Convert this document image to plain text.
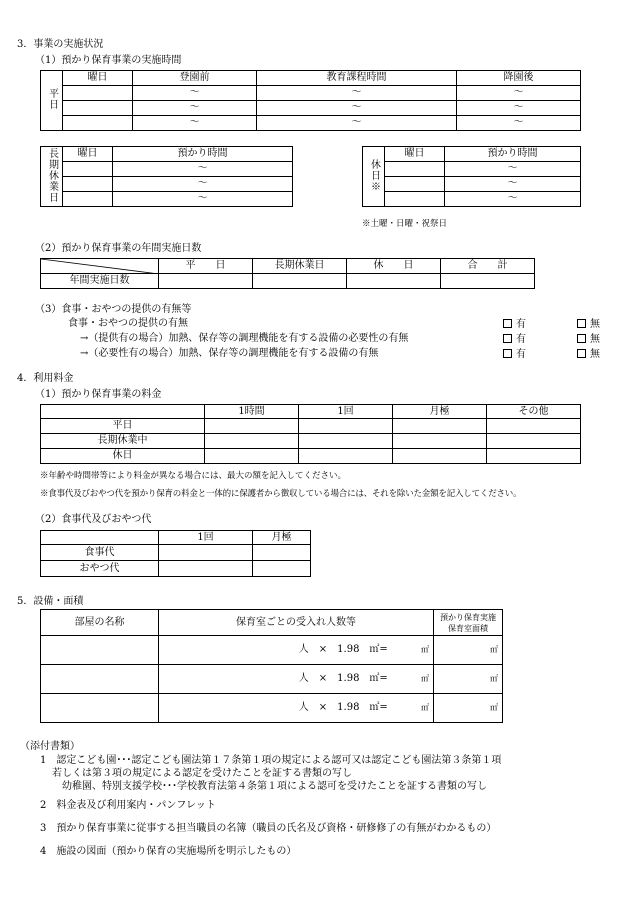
3．事業の実施状況
（1）預かり保育事業の実施時間
平日	曜日	登園前	教育課程時間	降園後
		～	～	～
		～	～	～
		～	～	～
長期休業日	曜日	預かり時間
		～
		～
		～
休日※	曜日	預かり時間
		～
		～
		～
※土曜・日曜・祝祭日
（2）預かり保育事業の年間実施日数
	平　　日	長期休業日	休　　日	合　　計
年間実施日数				
（3）食事・おやつの提供の有無等
食事・おやつの提供の有無
→（提供有の場合）加熱、保存等の調理機能を有する設備の必要性の有無
→（必要性有の場合）加熱、保存等の調理機能を有する設備の有無
有	無
有	無
有	無
4．利用料金
（1）預かり保育事業の料金
	1時間	1回	月極	その他
平日				
長期休業中				
休日				
※年齢や時間帯等により料金が異なる場合には、最大の額を記入してください。
※食事代及びおやつ代を預かり保育の料金と一体的に保護者から徴収している場合には、それを除いた金額を記入してください。
（2）食事代及びおやつ代
	1回	月極
食事代		
おやつ代		
5．設備・面積
部屋の名称	保育室ごとの受入れ人数等	預かり保育実施
保育室面積

	人　×　1.98　㎡= ㎡	㎡
	人　×　1.98　㎡= ㎡	㎡
	人　×　1.98　㎡= ㎡	㎡
（添付書類）
1　認定こども園･･･認定こども園法第１７条第１項の規定による認可又は認定こども園法第３条第１項
若しくは第３項の規定による認定を受けたことを証する書類の写し
幼稚園、特別支援学校･･･学校教育法第４条第１項による認可を受けたことを証する書類の写し
2　料金表及び利用案内・パンフレット
3　預かり保育事業に従事する担当職員の名簿（職員の氏名及び資格・研修修了の有無がわかるもの）
4　施設の図面（預かり保育の実施場所を明示したもの）
